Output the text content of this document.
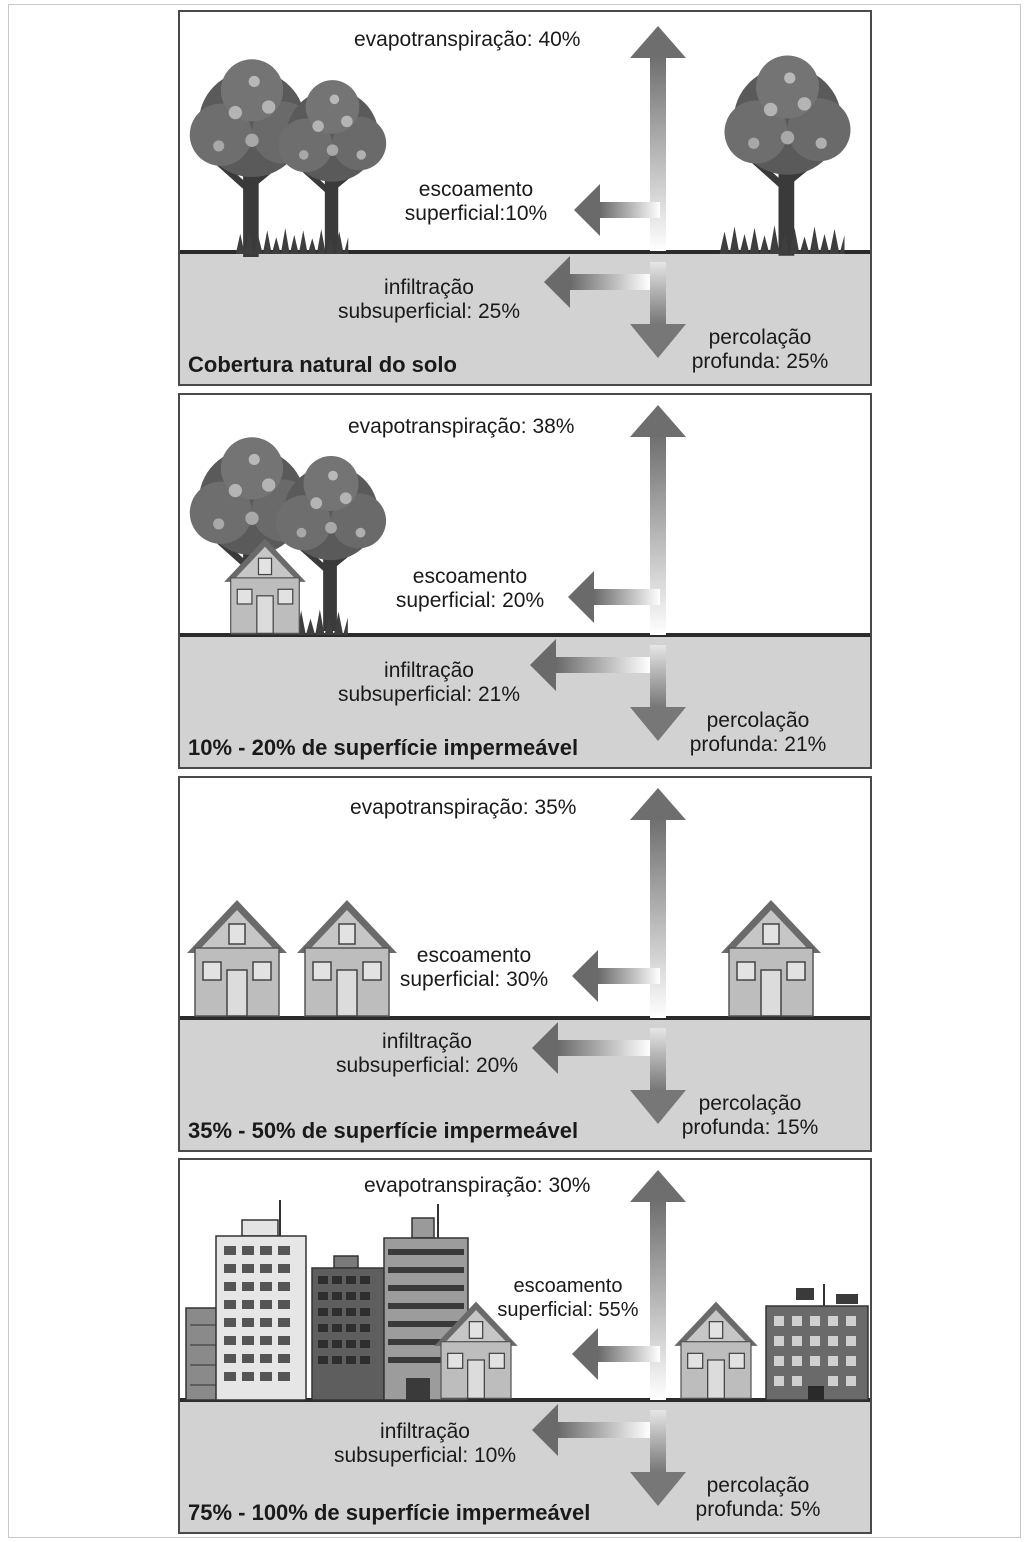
evapotranspiração: 40%
escoamento
superficial:10%
infiltração
subsuperficial: 25%
percolação
profunda: 25%
Cobertura natural do solo
evapotranspiração: 38%
escoamento
superficial: 20%
infiltração
subsuperficial: 21%
percolação
profunda: 21%
10% - 20% de superfície impermeável
evapotranspiração: 35%
escoamento
superficial: 30%
infiltração
subsuperficial: 20%
percolação
profunda: 15%
35% - 50% de superfície impermeável
evapotranspiração: 30%
escoamento
superficial: 55%
infiltração
subsuperficial: 10%
percolação
profunda: 5%
75% - 100% de superfície impermeável
